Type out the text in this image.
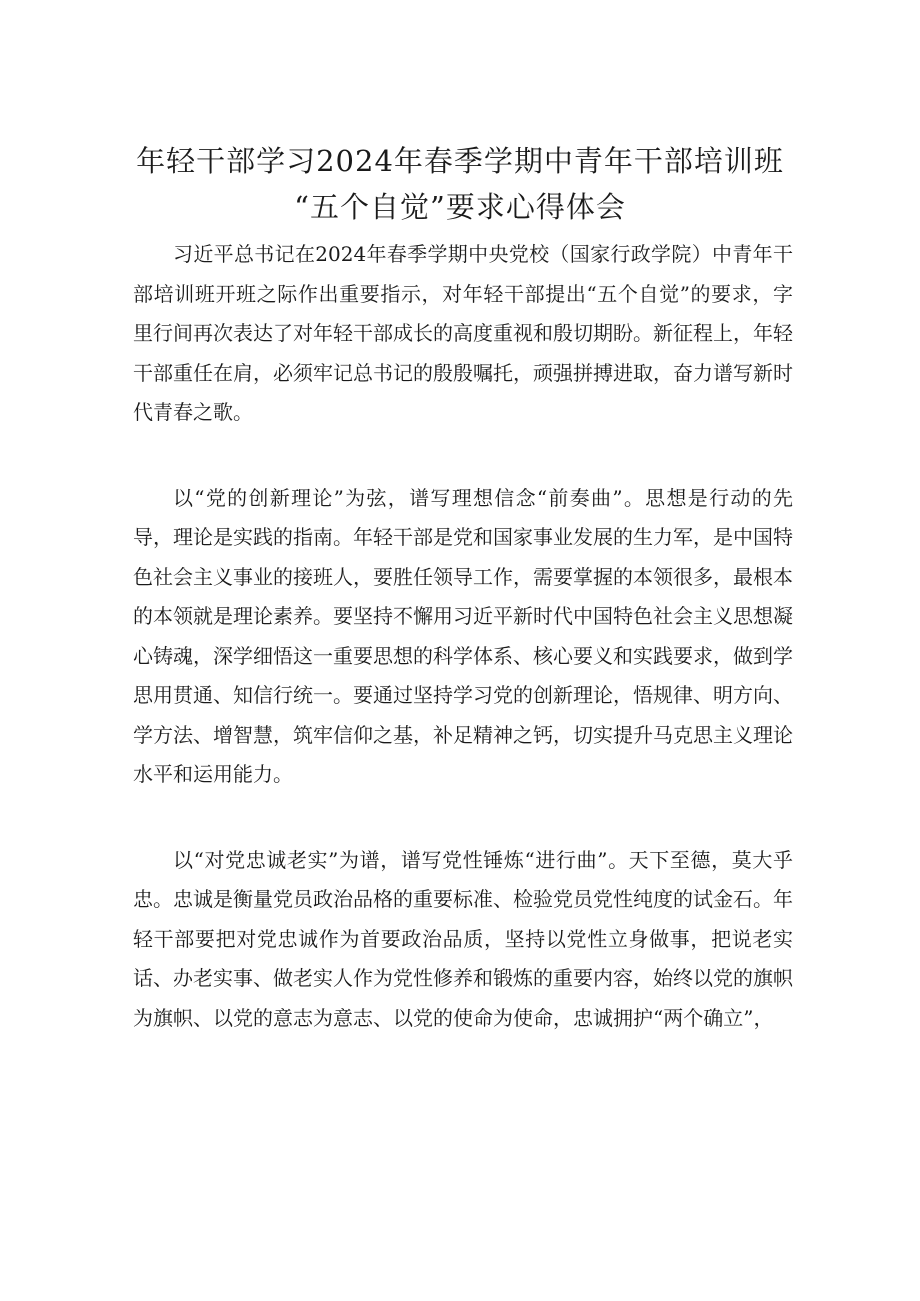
年轻干部学习2024年春季学期中青年干部培训班
“五个自觉”要求心得体会

习近平总书记在2024年春季学期中央党校（国家行政学院）中青年干部培训班开班之际作出重要指示，对年轻干部提出“五个自觉”的要求，字里行间再次表达了对年轻干部成长的高度重视和殷切期盼。新征程上，年轻干部重任在肩，必须牢记总书记的殷殷嘱托，顽强拼搏进取，奋力谱写新时代青春之歌。

以“党的创新理论”为弦，谱写理想信念“前奏曲”。思想是行动的先导，理论是实践的指南。年轻干部是党和国家事业发展的生力军，是中国特色社会主义事业的接班人，要胜任领导工作，需要掌握的本领很多，最根本的本领就是理论素养。要坚持不懈用习近平新时代中国特色社会主义思想凝心铸魂，深学细悟这一重要思想的科学体系、核心要义和实践要求，做到学思用贯通、知信行统一。要通过坚持学习党的创新理论，悟规律、明方向、学方法、增智慧，筑牢信仰之基，补足精神之钙，切实提升马克思主义理论水平和运用能力。

以“对党忠诚老实”为谱，谱写党性锤炼“进行曲”。天下至德，莫大乎忠。忠诚是衡量党员政治品格的重要标准、检验党员党性纯度的试金石。年轻干部要把对党忠诚作为首要政治品质，坚持以党性立身做事，把说老实话、办老实事、做老实人作为党性修养和锻炼的重要内容，始终以党的旗帜为旗帜、以党的意志为意志、以党的使命为使命，忠诚拥护“两个确立”，
